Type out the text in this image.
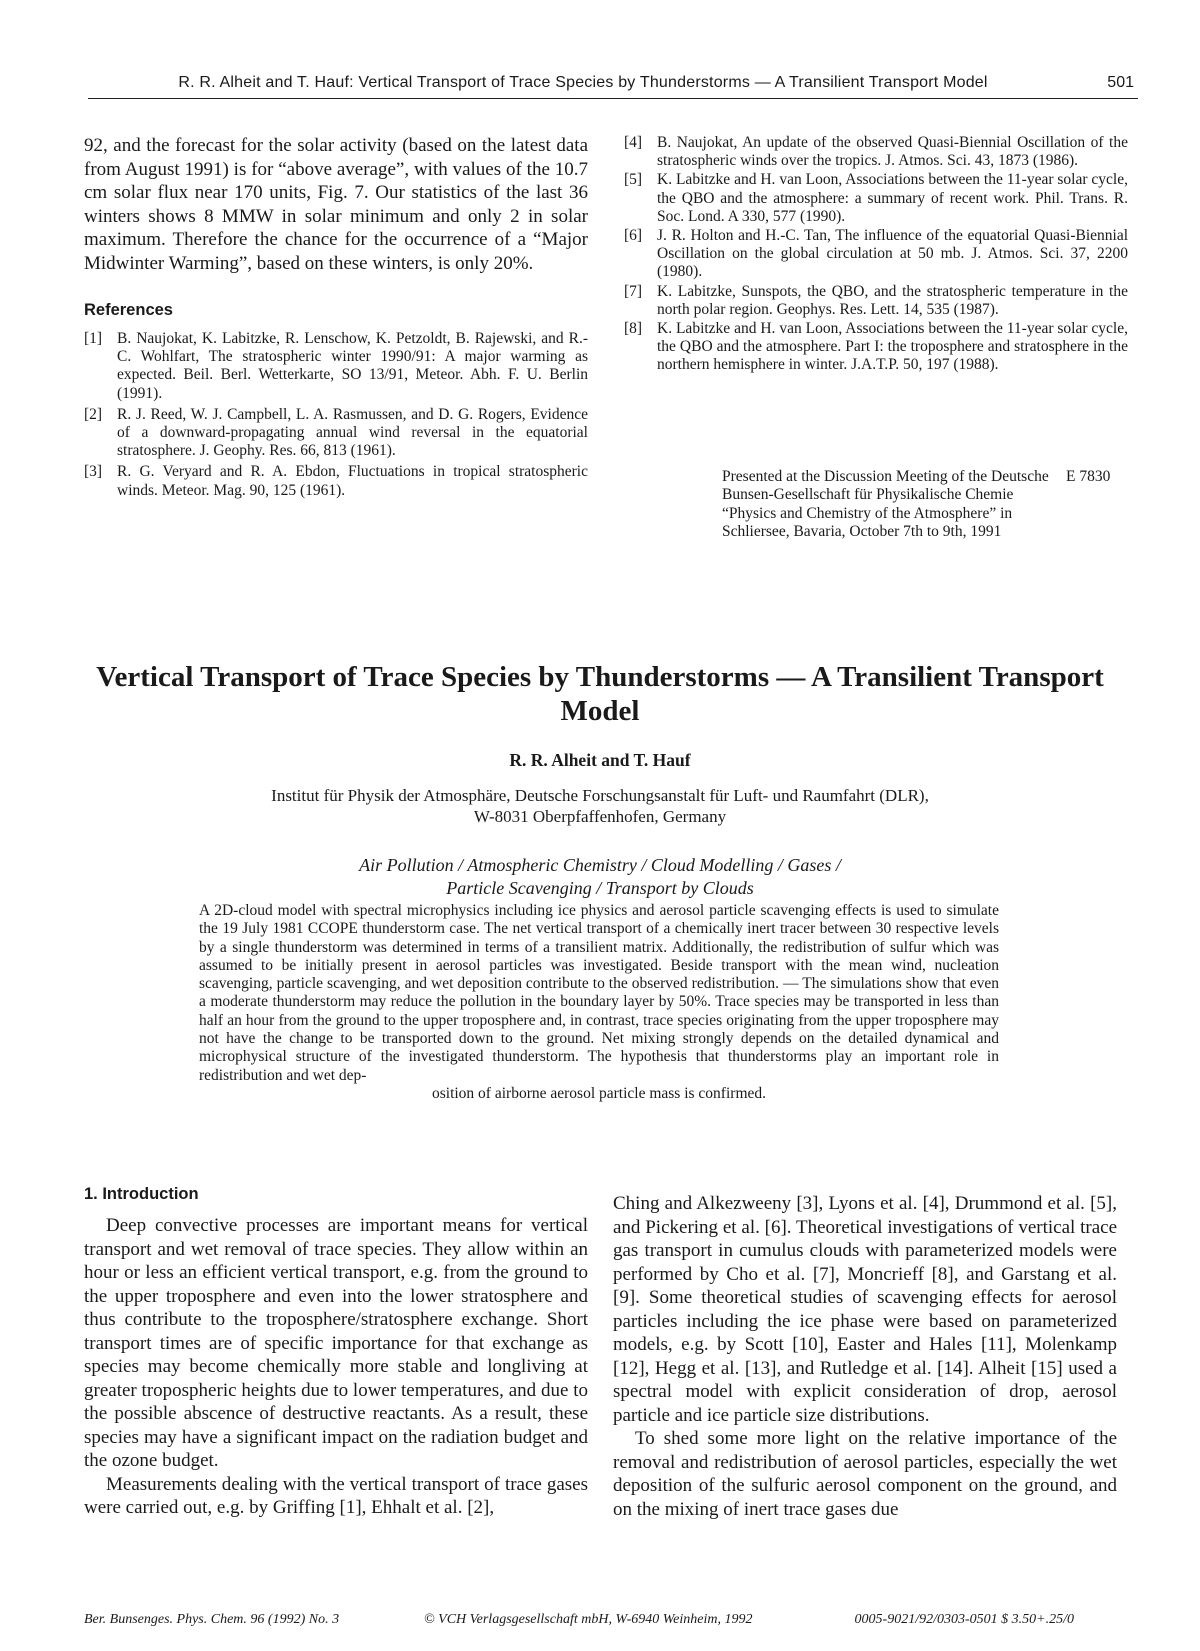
R. R. Alheit and T. Hauf: Vertical Transport of Trace Species by Thunderstorms — A Transilient Transport Model	501

92, and the forecast for the solar activity (based on the latest data from August 1991) is for “above average”, with values of the 10.7 cm solar flux near 170 units, Fig. 7. Our statistics of the last 36 winters shows 8 MMW in solar minimum and only 2 in solar maximum. Therefore the chance for the occurrence of a “Major Midwinter Warming”, based on these winters, is only 20%.

References
[1] B. Naujokat, K. Labitzke, R. Lenschow, K. Petzoldt, B. Rajewski, and R.-C. Wohlfart, The stratospheric winter 1990/91: A major warming as expected. Beil. Berl. Wetterkarte, SO 13/91, Meteor. Abh. F. U. Berlin (1991).
[2] R. J. Reed, W. J. Campbell, L. A. Rasmussen, and D. G. Rogers, Evidence of a downward-propagating annual wind reversal in the equatorial stratosphere. J. Geophy. Res. 66, 813 (1961).
[3] R. G. Veryard and R. A. Ebdon, Fluctuations in tropical stratospheric winds. Meteor. Mag. 90, 125 (1961).
[4] B. Naujokat, An update of the observed Quasi-Biennial Oscillation of the stratospheric winds over the tropics. J. Atmos. Sci. 43, 1873 (1986).
[5] K. Labitzke and H. van Loon, Associations between the 11-year solar cycle, the QBO and the atmosphere: a summary of recent work. Phil. Trans. R. Soc. Lond. A 330, 577 (1990).
[6] J. R. Holton and H.-C. Tan, The influence of the equatorial Quasi-Biennial Oscillation on the global circulation at 50 mb. J. Atmos. Sci. 37, 2200 (1980).
[7] K. Labitzke, Sunspots, the QBO, and the stratospheric temperature in the north polar region. Geophys. Res. Lett. 14, 535 (1987).
[8] K. Labitzke and H. van Loon, Associations between the 11-year solar cycle, the QBO and the atmosphere. Part I: the troposphere and stratosphere in the northern hemisphere in winter. J.A.T.P. 50, 197 (1988).
Presented at the Discussion Meeting of the Deutsche Bunsen-Gesellschaft für Physikalische Chemie “Physics and Chemistry of the Atmosphere” in Schliersee, Bavaria, October 7th to 9th, 1991
E 7830
Vertical Transport of Trace Species by Thunderstorms — A Transilient Transport Model
R. R. Alheit and T. Hauf
Institut für Physik der Atmosphäre, Deutsche Forschungsanstalt für Luft- und Raumfahrt (DLR),
W-8031 Oberpfaffenhofen, Germany
Air Pollution / Atmospheric Chemistry / Cloud Modelling / Gases /
Particle Scavenging / Transport by Clouds

A 2D-cloud model with spectral microphysics including ice physics and aerosol particle scavenging effects is used to simulate the 19 July 1981 CCOPE thunderstorm case. The net vertical transport of a chemically inert tracer between 30 respective levels by a single thunderstorm was determined in terms of a transilient matrix. Additionally, the redistribution of sulfur which was assumed to be initially present in aerosol particles was investigated. Beside transport with the mean wind, nucleation scavenging, particle scavenging, and wet deposition contribute to the observed redistribution. — The simulations show that even a moderate thunderstorm may reduce the pollution in the boundary layer by 50%. Trace species may be transported in less than half an hour from the ground to the upper troposphere and, in contrast, trace species originating from the upper troposphere may not have the change to be transported down to the ground. Net mixing strongly depends on the detailed dynamical and microphysical structure of the investigated thunderstorm. The hypothesis that thunderstorms play an important role in redistribution and wet dep-

osition of airborne aerosol particle mass is confirmed.

1. Introduction

Deep convective processes are important means for vertical transport and wet removal of trace species. They allow within an hour or less an efficient vertical transport, e.g. from the ground to the upper troposphere and even into the lower stratosphere and thus contribute to the troposphere/stratosphere exchange. Short transport times are of specific importance for that exchange as species may become chemically more stable and longliving at greater tropospheric heights due to lower temperatures, and due to the possible abscence of destructive reactants. As a result, these species may have a significant impact on the radiation budget and the ozone budget.

Measurements dealing with the vertical transport of trace gases were carried out, e.g. by Griffing [1], Ehhalt et al. [2],

Ching and Alkezweeny [3], Lyons et al. [4], Drummond et al. [5], and Pickering et al. [6]. Theoretical investigations of vertical trace gas transport in cumulus clouds with parameterized models were performed by Cho et al. [7], Moncrieff [8], and Garstang et al. [9]. Some theoretical studies of scavenging effects for aerosol particles including the ice phase were based on parameterized models, e.g. by Scott [10], Easter and Hales [11], Molenkamp [12], Hegg et al. [13], and Rutledge et al. [14]. Alheit [15] used a spectral model with explicit consideration of drop, aerosol particle and ice particle size distributions.

To shed some more light on the relative importance of the removal and redistribution of aerosol particles, especially the wet deposition of the sulfuric aerosol component on the ground, and on the mixing of inert trace gases due

Ber. Bunsenges. Phys. Chem. 96 (1992) No. 3	© VCH Verlagsgesellschaft mbH, W-6940 Weinheim, 1992	0005-9021/92/0303-0501 $ 3.50+.25/0
